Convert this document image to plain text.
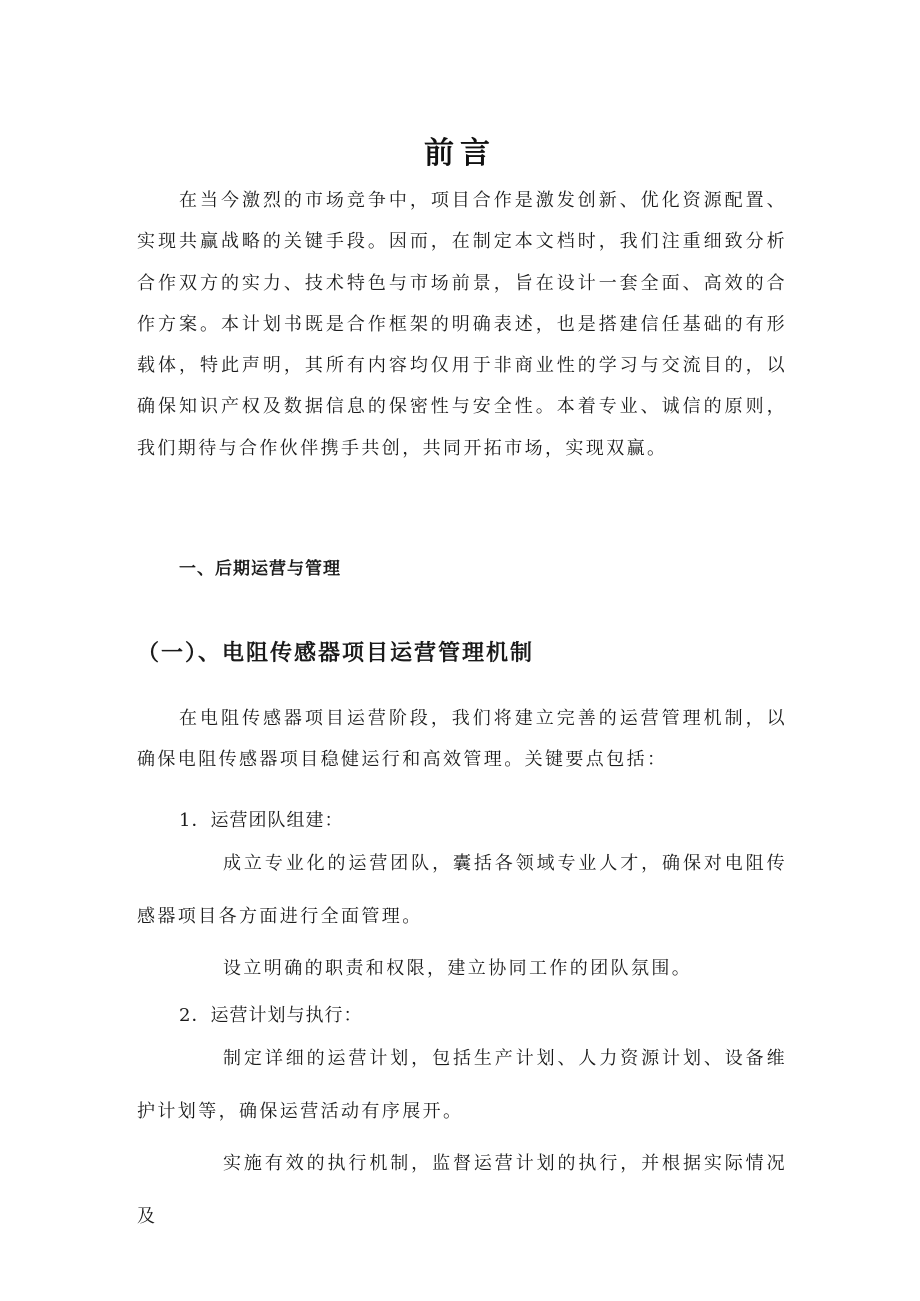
前言

在当今激烈的市场竞争中，项目合作是激发创新、优化资源配置、实现共赢战略的关键手段。因而，在制定本文档时，我们注重细致分析合作双方的实力、技术特色与市场前景，旨在设计一套全面、高效的合作方案。本计划书既是合作框架的明确表述，也是搭建信任基础的有形载体，特此声明，其所有内容均仅用于非商业性的学习与交流目的，以确保知识产权及数据信息的保密性与安全性。本着专业、诚信的原则，我们期待与合作伙伴携手共创，共同开拓市场，实现双赢。

一、后期运营与管理
（一）、电阻传感器项目运营管理机制

在电阻传感器项目运营阶段，我们将建立完善的运营管理机制，以确保电阻传感器项目稳健运行和高效管理。关键要点包括：

1．运营团队组建：

成立专业化的运营团队，囊括各领域专业人才，确保对电阻传感器项目各方面进行全面管理。

设立明确的职责和权限，建立协同工作的团队氛围。

2．运营计划与执行：

制定详细的运营计划，包括生产计划、人力资源计划、设备维护计划等，确保运营活动有序展开。

实施有效的执行机制，监督运营计划的执行，并根据实际情况及
